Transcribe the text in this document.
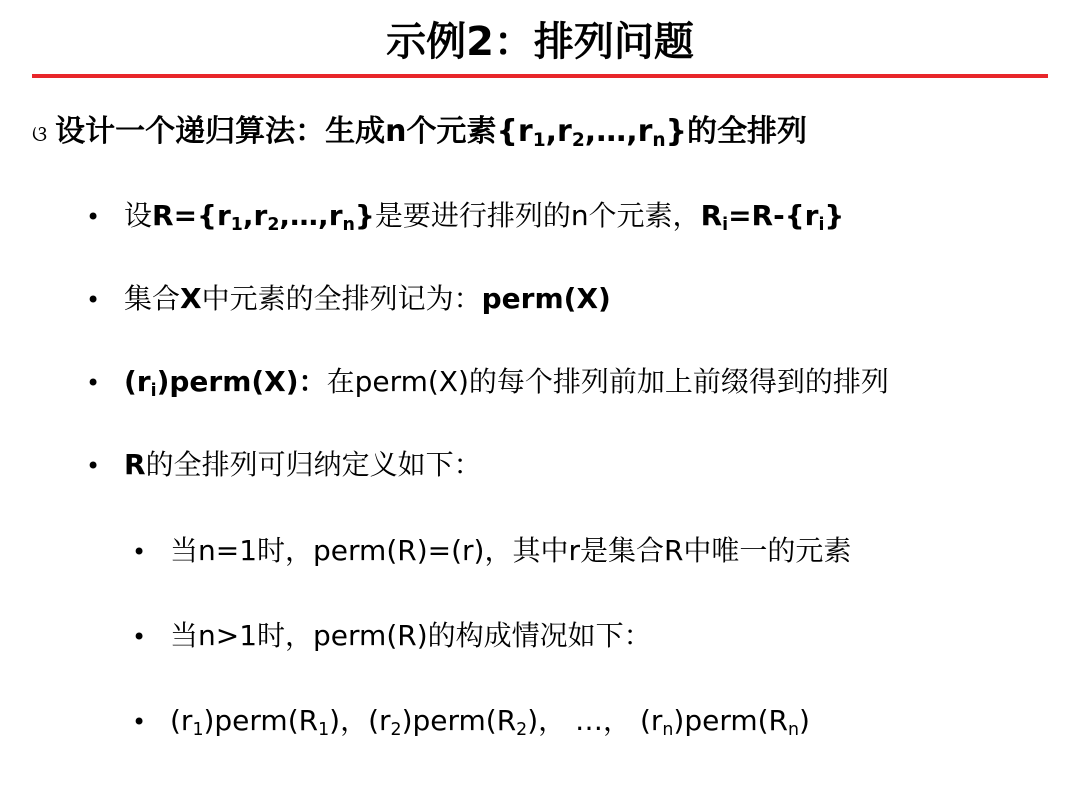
示例2：排列问题
ଓ 设计一个递归算法：生成n个元素$\{r_1,r_2,\dots,r_n\}$的全排列
• 设$R=\{r_1,r_2,\dots,r_n\}$是要进行排列的n个元素，$R_i=R-\{r_i\}$
• 集合X中元素的全排列记为：perm(X)
• $(r_i)perm(X)$：在perm(X)的每个排列前加上前缀得到的排列
• R的全排列可归纳定义如下：
• 当n=1时，perm(R)=(r)，其中r是集合R中唯一的元素
• 当n>1时，perm(R)的构成情况如下：
• $(r_1)perm(R_1)$，$(r_2)perm(R_2)$， …， $(r_n)perm(R_n)$
